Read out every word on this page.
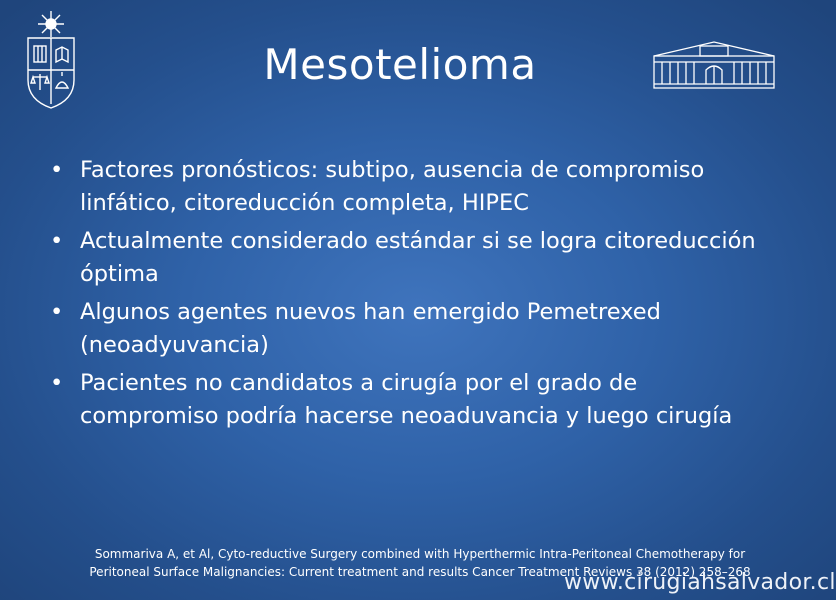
Mesotelioma
• Factores pronósticos: subtipo, ausencia de compromiso linfático, citoreducción completa, HIPEC
• Actualmente considerado estándar si se logra citoreducción óptima
• Algunos agentes nuevos han emergido Pemetrexed (neoadyuvancia)
• Pacientes no candidatos a cirugía por el grado de compromiso podría hacerse neoaduvancia y luego cirugía
Sommariva A, et Al, Cyto-reductive Surgery combined with Hyperthermic Intra-Peritoneal Chemotherapy for Peritoneal Surface Malignancies: Current treatment and results Cancer Treatment Reviews 38 (2012) 258–268
www.cirugiahsalvador.cl
